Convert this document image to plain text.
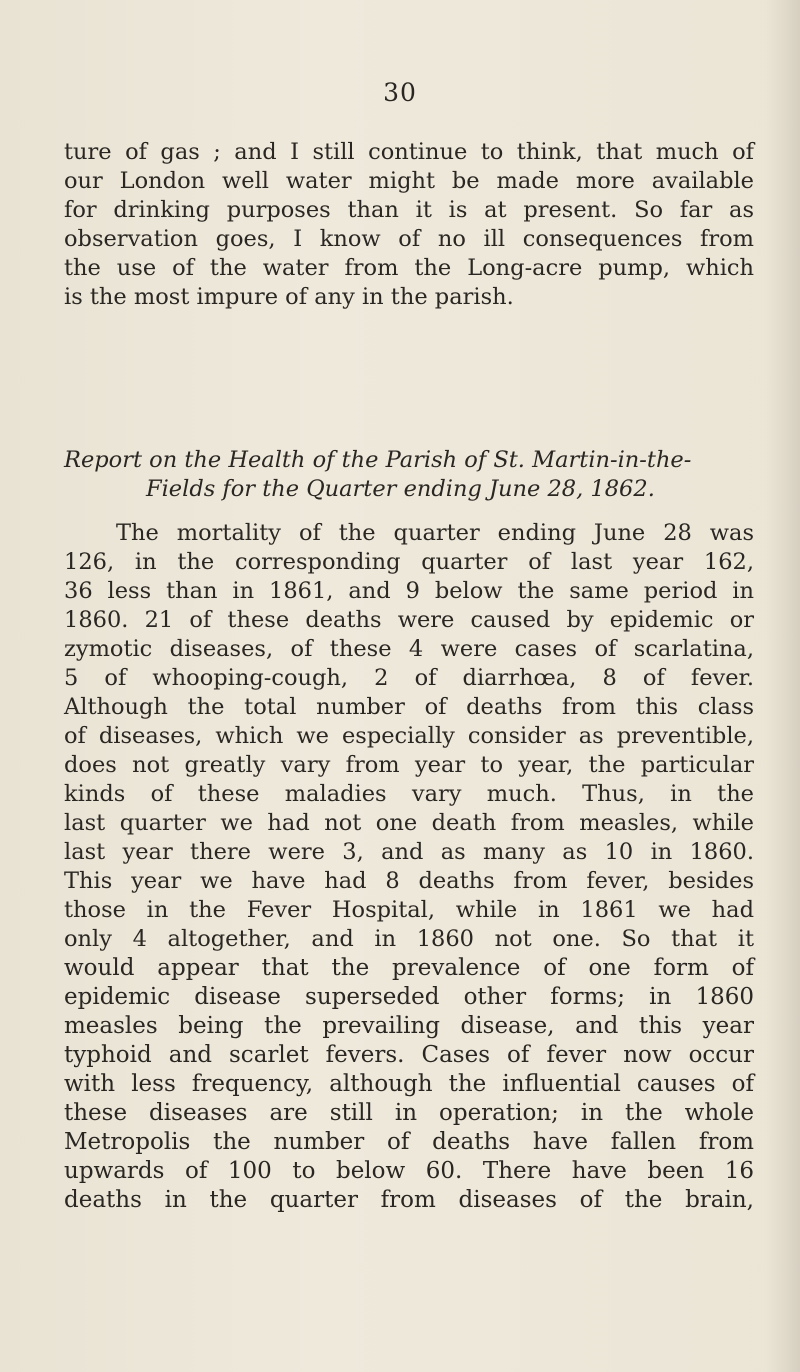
30
ture of gas ; and I still continue to think, that much of
our London well water might be made more available
for drinking purposes than it is at present. So far as
observation goes, I know of no ill consequences from
the use of the water from the Long-acre pump, which
is the most impure of any in the parish.
Report on the Health of the Parish of St. Martin-in-the-
Fields for the Quarter ending June 28, 1862.
The mortality of the quarter ending June 28 was
126, in the corresponding quarter of last year 162,
36 less than in 1861, and 9 below the same period in
1860. 21 of these deaths were caused by epidemic or
zymotic diseases, of these 4 were cases of scarlatina,
5 of whooping-cough, 2 of diarrhœa, 8 of fever.
Although the total number of deaths from this class
of diseases, which we especially consider as preventible,
does not greatly vary from year to year, the particular
kinds of these maladies vary much. Thus, in the
last quarter we had not one death from measles, while
last year there were 3, and as many as 10 in 1860.
This year we have had 8 deaths from fever, besides
those in the Fever Hospital, while in 1861 we had
only 4 altogether, and in 1860 not one. So that it
would appear that the prevalence of one form of
epidemic disease superseded other forms; in 1860
measles being the prevailing disease, and this year
typhoid and scarlet fevers. Cases of fever now occur
with less frequency, although the influential causes of
these diseases are still in operation; in the whole
Metropolis the number of deaths have fallen from
upwards of 100 to below 60. There have been 16
deaths in the quarter from diseases of the brain,
